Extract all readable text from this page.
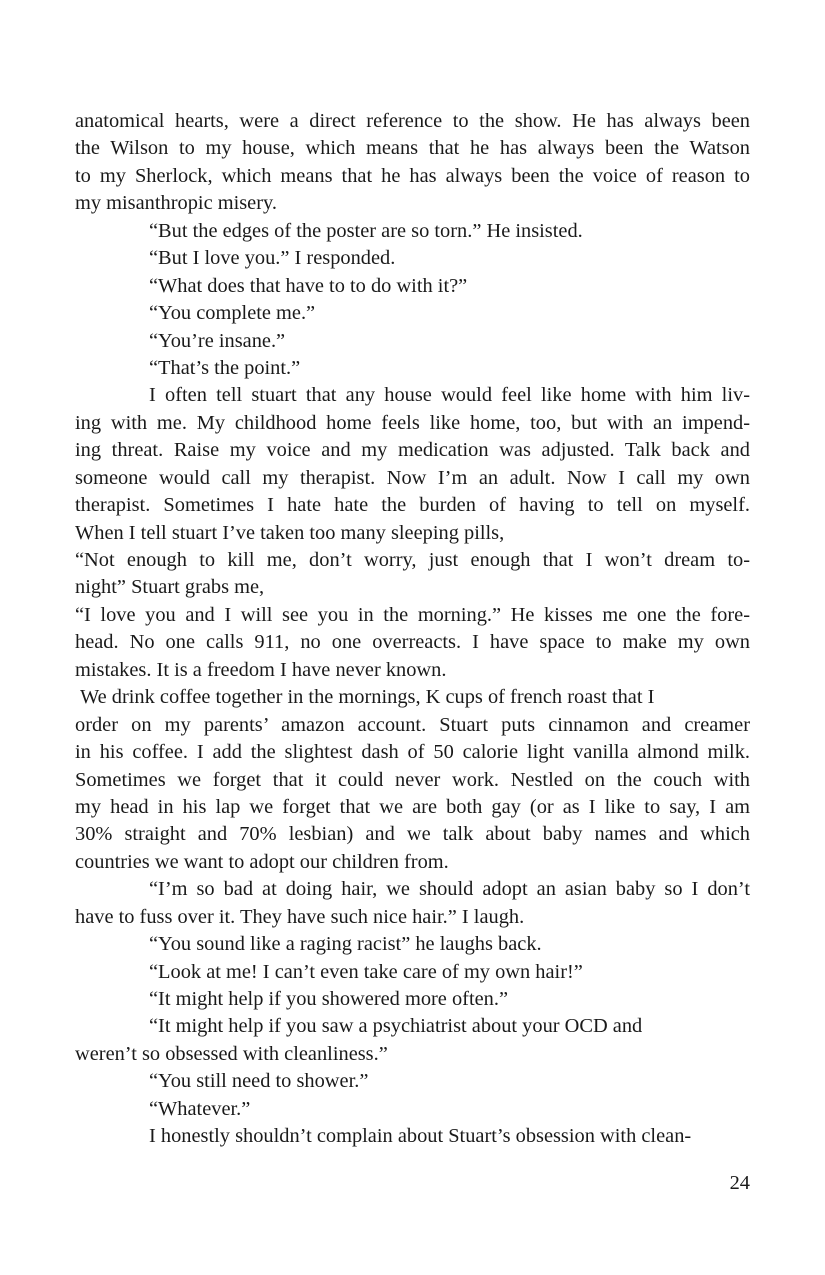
anatomical hearts, were a direct reference to the show. He has always been
the Wilson to my house, which means that he has always been the Watson
to my Sherlock, which means that he has always been the voice of reason to
my misanthropic misery.
“But the edges of the poster are so torn.” He insisted.
“But I love you.” I responded.
“What does that have to to do with it?”
“You complete me.”
“You’re insane.”
“That’s the point.”
I often tell stuart that any house would feel like home with him liv-
ing with me. My childhood home feels like home, too, but with an impend-
ing threat. Raise my voice and my medication was adjusted. Talk back and
someone would call my therapist. Now I’m an adult. Now I call my own
therapist. Sometimes I hate hate the burden of having to tell on myself.
When I tell stuart I’ve taken too many sleeping pills,
“Not enough to kill me, don’t worry, just enough that I won’t dream to-
night” Stuart grabs me,
“I love you and I will see you in the morning.” He kisses me one the fore-
head. No one calls 911, no one overreacts. I have space to make my own
mistakes. It is a freedom I have never known.
We drink coffee together in the mornings, K cups of french roast that I
order on my parents’ amazon account. Stuart puts cinnamon and creamer
in his coffee. I add the slightest dash of 50 calorie light vanilla almond milk.
Sometimes we forget that it could never work. Nestled on the couch with
my head in his lap we forget that we are both gay (or as I like to say, I am
30% straight and 70% lesbian) and we talk about baby names and which
countries we want to adopt our children from.
“I’m so bad at doing hair, we should adopt an asian baby so I don’t
have to fuss over it. They have such nice hair.” I laugh.
“You sound like a raging racist” he laughs back.
“Look at me! I can’t even take care of my own hair!”
“It might help if you showered more often.”
“It might help if you saw a psychiatrist about your OCD and
weren’t so obsessed with cleanliness.”
“You still need to shower.”
“Whatever.”
I honestly shouldn’t complain about Stuart’s obsession with clean-
24
